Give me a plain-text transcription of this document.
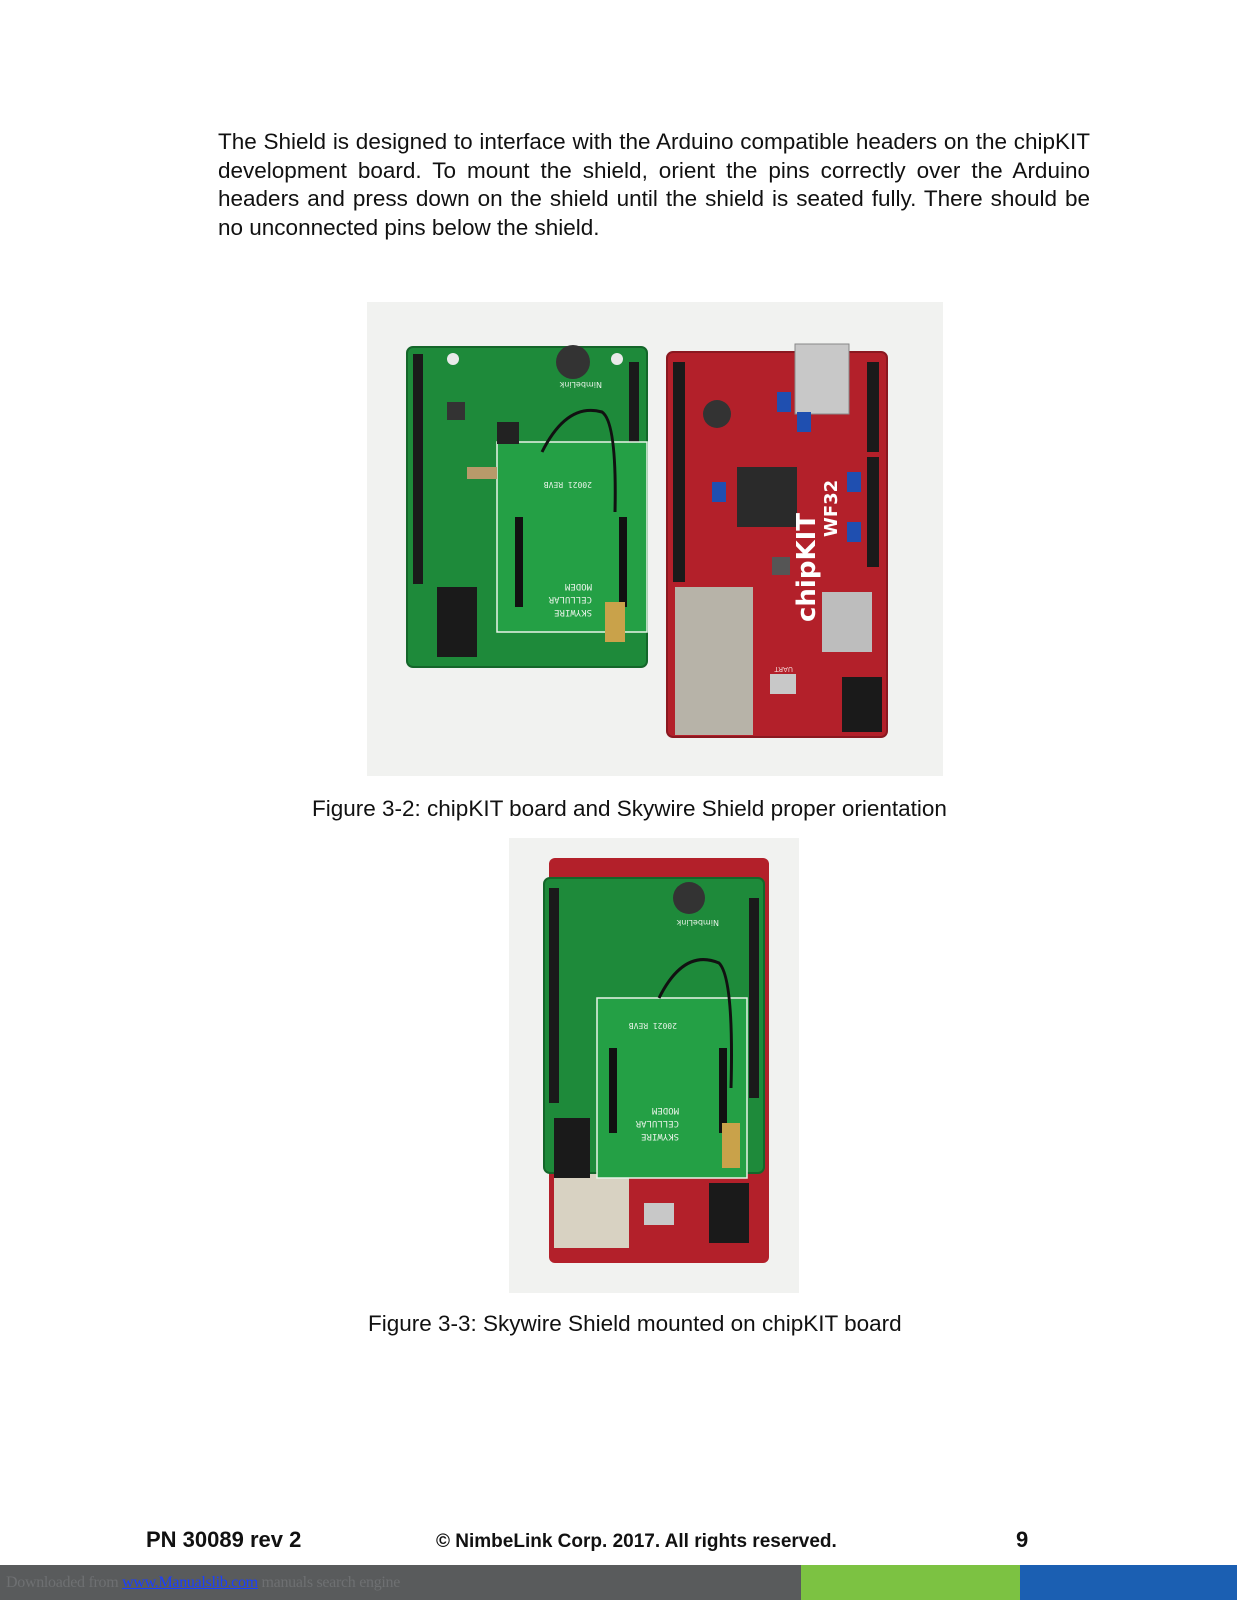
The Shield is designed to interface with the Arduino compatible headers on the chipKIT development board. To mount the shield, orient the pins correctly over the Arduino headers and press down on the shield until the shield is seated fully. There should be no unconnected pins below the shield.

MODEM
CELLULAR
SKYWIRE
20021 REVB
NimbeLink
chipKIT
WF32
UART
Figure 3-2: chipKIT board and Skywire Shield proper orientation
MODEM
CELLULAR
SKYWIRE
20021 REVB
NimbeLink
Figure 3-3: Skywire Shield mounted on chipKIT board
PN 30089 rev 2	© NimbeLink Corp. 2017. All rights reserved.	9
Downloaded from www.Manualslib.com manuals search engine
